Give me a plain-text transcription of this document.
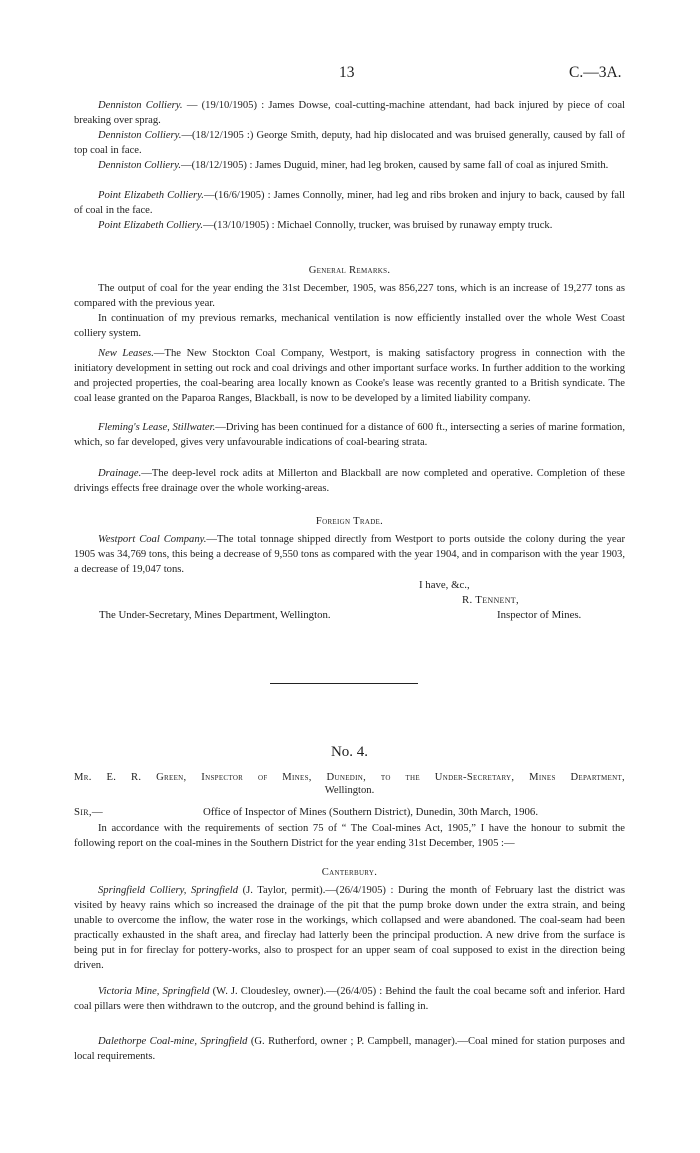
13	C.—3A.
Denniston Colliery. — (19/10/1905) : James Dowse, coal-cutting-machine attendant, had back injured by piece of coal breaking over sprag.
Denniston Colliery.—(18/12/1905 :) George Smith, deputy, had hip dislocated and was bruised generally, caused by fall of top coal in face.
Denniston Colliery.—(18/12/1905) : James Duguid, miner, had leg broken, caused by same fall of coal as injured Smith.
Point Elizabeth Colliery.—(16/6/1905) : James Connolly, miner, had leg and ribs broken and injury to back, caused by fall of coal in the face.
Point Elizabeth Colliery.—(13/10/1905) : Michael Connolly, trucker, was bruised by runaway empty truck.
General Remarks.
The output of coal for the year ending the 31st December, 1905, was 856,227 tons, which is an increase of 19,277 tons as compared with the previous year.
In continuation of my previous remarks, mechanical ventilation is now efficiently installed over the whole West Coast colliery system.
New Leases.—The New Stockton Coal Company, Westport, is making satisfactory progress in connection with the initiatory development in setting out rock and coal drivings and other important surface works. In further addition to the working and projected properties, the coal-bearing area locally known as Cooke's lease was recently granted to a British syndicate. The coal lease granted on the Paparoa Ranges, Blackball, is now to be developed by a limited liability company.
Fleming's Lease, Stillwater.—Driving has been continued for a distance of 600 ft., intersecting a series of marine formation, which, so far developed, gives very unfavourable indications of coal-bearing strata.
Drainage.—The deep-level rock adits at Millerton and Blackball are now completed and operative. Completion of these drivings effects free drainage over the whole working-areas.
Foreign Trade.
Westport Coal Company.—The total tonnage shipped directly from Westport to ports outside the colony during the year 1905 was 34,769 tons, this being a decrease of 9,550 tons as compared with the year 1904, and in comparison with the year 1903, a decrease of 19,047 tons.
I have, &c.,
R. Tennent,
The Under-Secretary, Mines Department, Wellington.	Inspector of Mines.
No. 4.
Mr. E. R. Green, Inspector of Mines, Dunedin, to the Under-Secretary, Mines Department,
Wellington.
Sir,—	Office of Inspector of Mines (Southern District), Dunedin, 30th March, 1906.
In accordance with the requirements of section 75 of “ The Coal-mines Act, 1905,” I have the honour to submit the following report on the coal-mines in the Southern District for the year ending 31st December, 1905 :—
Canterbury.
Springfield Colliery, Springfield (J. Taylor, permit).—(26/4/1905) : During the month of February last the district was visited by heavy rains which so increased the drainage of the pit that the pump broke down under the extra strain, and being unable to overcome the inflow, the water rose in the workings, which collapsed and were abandoned. The coal-seam had been practically exhausted in the shaft area, and fireclay had latterly been the principal production. A new drive from the surface is being put in for fireclay for pottery-works, also to prospect for an upper seam of coal supposed to exist in the direction being driven.
Victoria Mine, Springfield (W. J. Cloudesley, owner).—(26/4/05) : Behind the fault the coal became soft and inferior. Hard coal pillars were then withdrawn to the outcrop, and the ground behind is falling in.
Dalethorpe Coal-mine, Springfield (G. Rutherford, owner ; P. Campbell, manager).—Coal mined for station purposes and local requirements.
